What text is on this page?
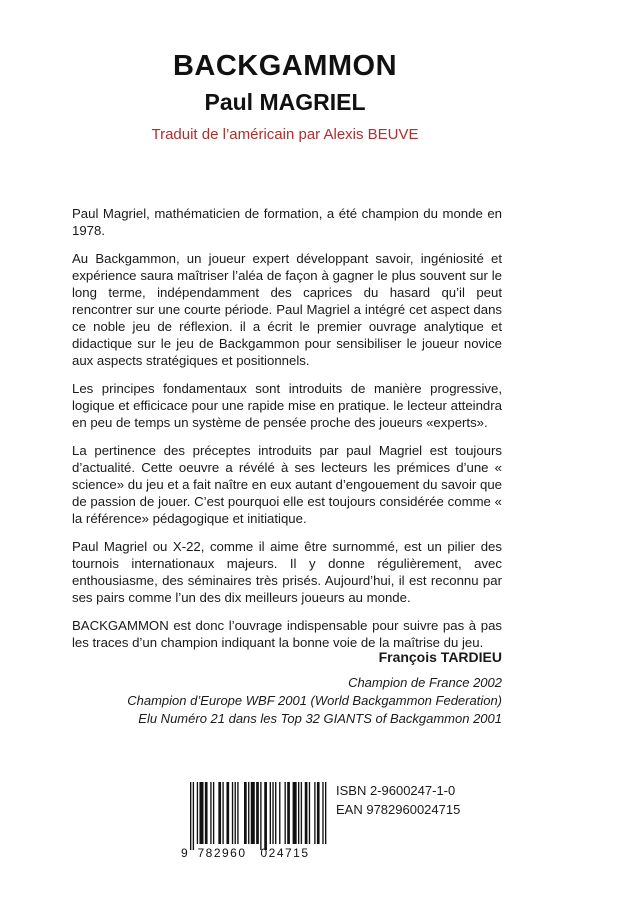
BACKGAMMON
Paul MAGRIEL
Traduit de l’américain par Alexis BEUVE

Paul Magriel, mathématicien de formation, a été champion du monde en 1978.

Au Backgammon, un joueur expert développant savoir, ingéniosité et expérience saura maîtriser l’aléa de façon à gagner le plus souvent sur le long terme, indépendamment des caprices du hasard qu’il peut rencontrer sur une courte période. Paul Magriel a intégré cet aspect dans ce noble jeu de réflexion. il a écrit le premier ouvrage analytique et didactique sur le jeu de Backgammon pour sensibiliser le joueur novice aux aspects stratégiques et positionnels.

Les principes fondamentaux sont introduits de manière progressive, logique et efficicace pour une rapide mise en pratique. le lecteur atteindra en peu de temps un système de pensée proche des joueurs «experts».

La pertinence des préceptes introduits par paul Magriel est toujours d’actualité. Cette oeuvre a révélé à ses lecteurs les prémices d’une « science» du jeu et a fait naître en eux autant d’engouement du savoir que de passion de jouer. C’est pourquoi elle est toujours considérée comme « la référence» pédagogique et initiatique.

Paul Magriel ou X-22, comme il aime être surnommé, est un pilier des tournois internationaux majeurs. Il y donne régulièrement, avec enthousiasme, des séminaires très prisés. Aujourd’hui, il est reconnu par ses pairs comme l’un des dix meilleurs joueurs au monde.

BACKGAMMON est donc l’ouvrage indispensable pour suivre pas à pas les traces d’un champion indiquant la bonne voie de la maîtrise du jeu.

François TARDIEU
Champion de France 2002
Champion d’Europe WBF 2001 (World Backgammon Federation)
Elu Numéro 21 dans les Top 32 GIANTS of Backgammon 2001
9 782960 024715
ISBN 2-9600247-1-0
EAN 9782960024715
